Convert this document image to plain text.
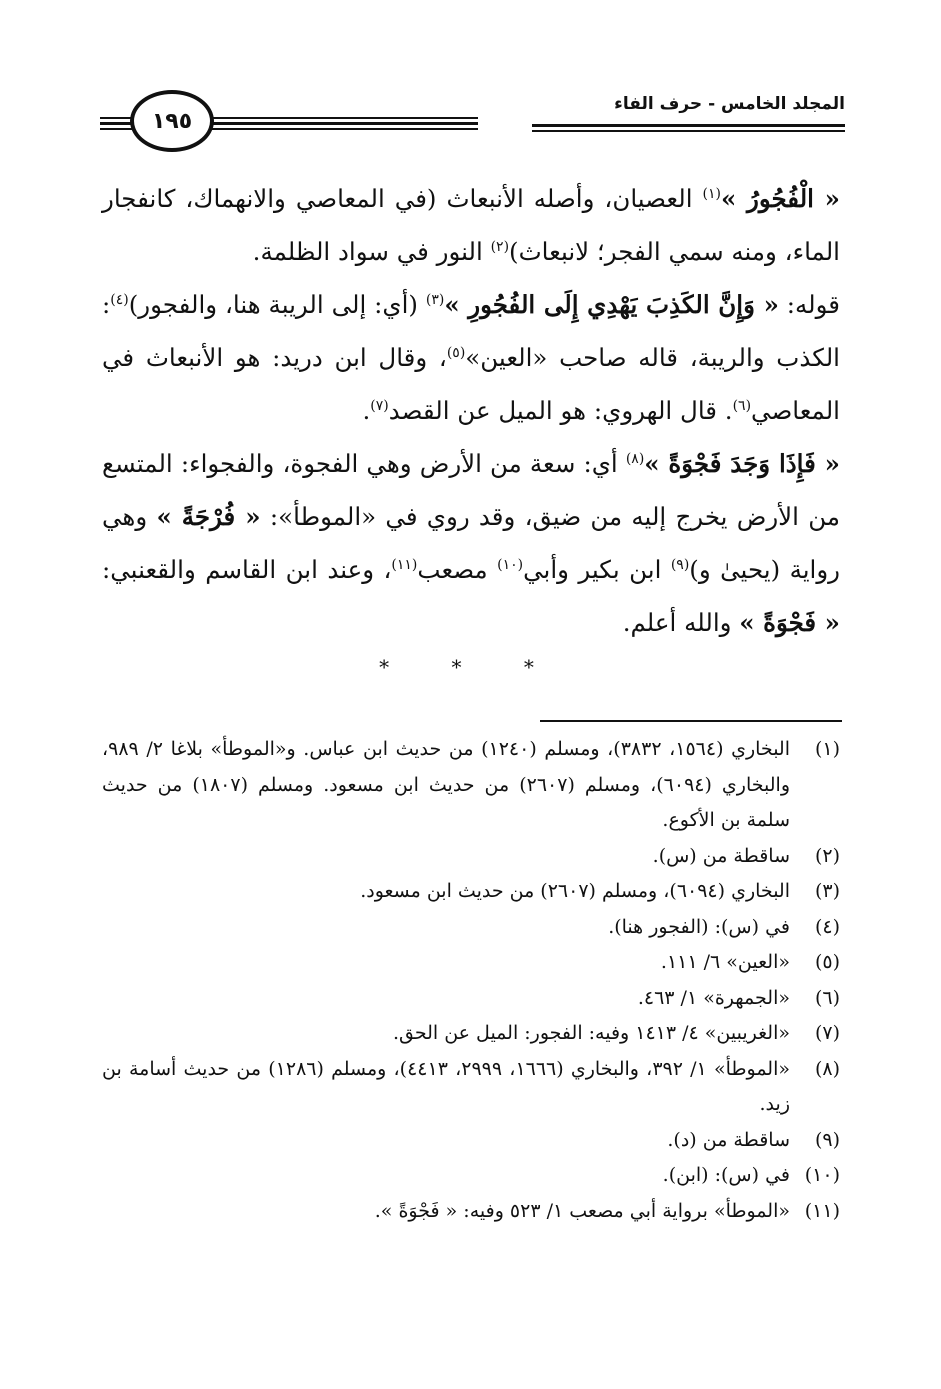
المجلد الخامس - حرف الفاء
١٩٥

« الْفُجُورُ »$^{(١)}$ العصيان، وأصله الأنبعاث (في المعاصي والانهماك، كانفجار الماء، ومنه سمي الفجر؛ لانبعاث)$^{(٢)}$ النور في سواد الظلمة.

قوله: « وَإِنَّ الكَذِبَ يَهْدِي إِلَى الفُجُورِ »$^{(٣)}$ (أي: إلى الريبة هنا، والفجور)$^{(٤)}$: الكذب والريبة، قاله صاحب «العين»$^{(٥)}$، وقال ابن دريد: هو الأنبعاث في المعاصي$^{(٦)}$. قال الهروي: هو الميل عن القصد$^{(٧)}$.

« فَإِذَا وَجَدَ فَجْوَةً »$^{(٨)}$ أي: سعة من الأرض وهي الفجوة، والفجواء: المتسع من الأرض يخرج إليه من ضيق، وقد روي في «الموطأ»: « فُرْجَةً » وهي رواية (يحيىٰ و)$^{(٩)}$ ابن بكير وأبي$^{(١٠)}$ مصعب$^{(١١)}$، وعند ابن القاسم والقعنبي: « فَجْوَةً » والله أعلم.

* * *
(١)
البخاري (١٥٦٤، ٣٨٣٢)، ومسلم (١٢٤٠) من حديث ابن عباس. و«الموطأ» بلاغا ٢/ ٩٨٩، والبخاري (٦٠٩٤)، ومسلم (٢٦٠٧) من حديث ابن مسعود. ومسلم (١٨٠٧) من حديث سلمة بن الأكوع.
(٢)
ساقطة من (س).
(٣)
البخاري (٦٠٩٤)، ومسلم (٢٦٠٧) من حديث ابن مسعود.
(٤)
في (س): (الفجور هنا).
(٥)
«العين» ٦/ ١١١.
(٦)
«الجمهرة» ١/ ٤٦٣.
(٧)
«الغريبين» ٤/ ١٤١٣ وفيه: الفجور: الميل عن الحق.
(٨)
«الموطأ» ١/ ٣٩٢، والبخاري (١٦٦٦، ٢٩٩٩، ٤٤١٣)، ومسلم (١٢٨٦) من حديث أسامة بن زيد.
(٩)
ساقطة من (د).
(١٠)
في (س): (ابن).
(١١)
«الموطأ» برواية أبي مصعب ١/ ٥٢٣ وفيه: « فَجْوَةً ».
